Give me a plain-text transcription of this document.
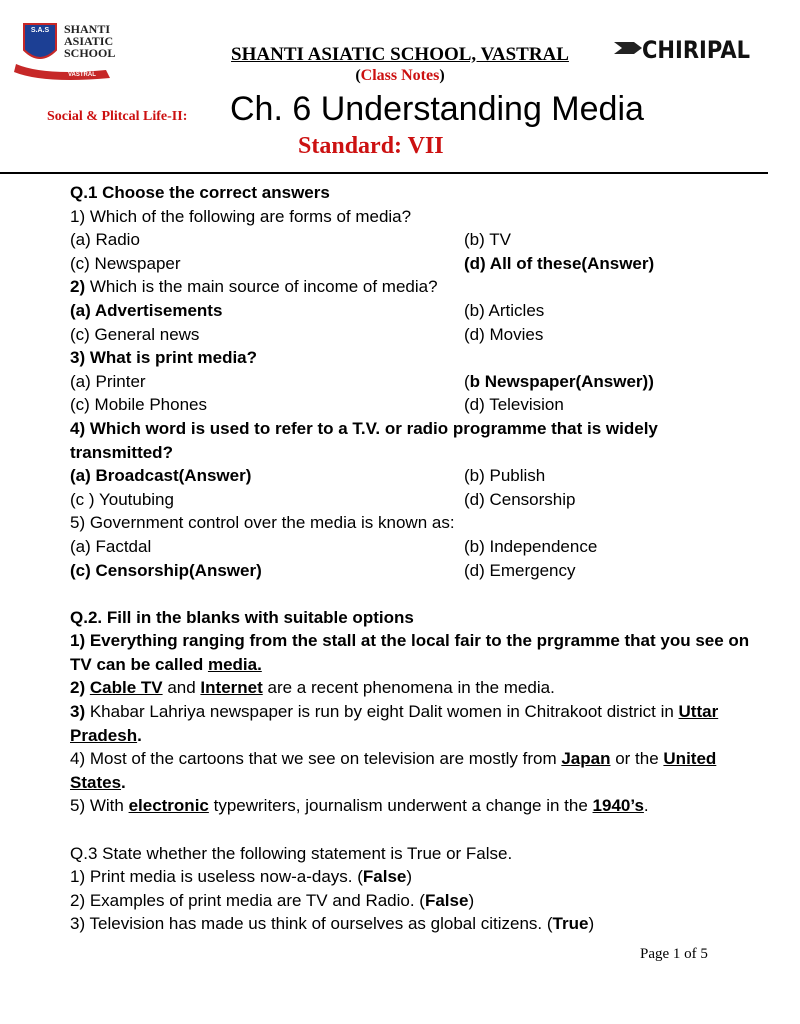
S.A.S SHANTI
ASIATIC
SCHOOL
VASTRAL
SHANTI ASIATIC SCHOOL, VASTRAL
(Class Notes)
CHIRIPAL
Social & Plitcal Life-II: Ch. 6 Understanding Media
Standard: VII
Q.1 Choose the correct answers
1) Which of the following are forms of media?
(a) Radio	(b) TV
(c) Newspaper	(d) All of these(Answer)
2) Which is the main source of income of media?
(a) Advertisements	(b) Articles
(c) General news	(d) Movies
3) What is print media?
(a) Printer	(b Newspaper(Answer))
(c) Mobile Phones	(d) Television
4) Which word is used to refer to a T.V. or radio programme that is widely transmitted?
(a) Broadcast(Answer)	(b) Publish
(c ) Youtubing	(d) Censorship
5) Government control over the media is known as:
(a) Factdal	(b) Independence
(c) Censorship(Answer)	(d) Emergency
Q.2. Fill in the blanks with suitable options
1) Everything ranging from the stall at the local fair to the prgramme that you see on TV can be called media.
2) Cable TV and Internet are a recent phenomena in the media.
3) Khabar Lahriya newspaper is run by eight Dalit women in Chitrakoot district in Uttar Pradesh.
4) Most of the cartoons that we see on television are mostly from Japan or the United States.
5) With electronic typewriters, journalism underwent a change in the 1940’s.
Q.3 State whether the following statement is True or False.
1) Print media is useless now-a-days. (False)
2) Examples of print media are TV and Radio. (False)
3) Television has made us think of ourselves as global citizens. (True)
Page 1 of 5
